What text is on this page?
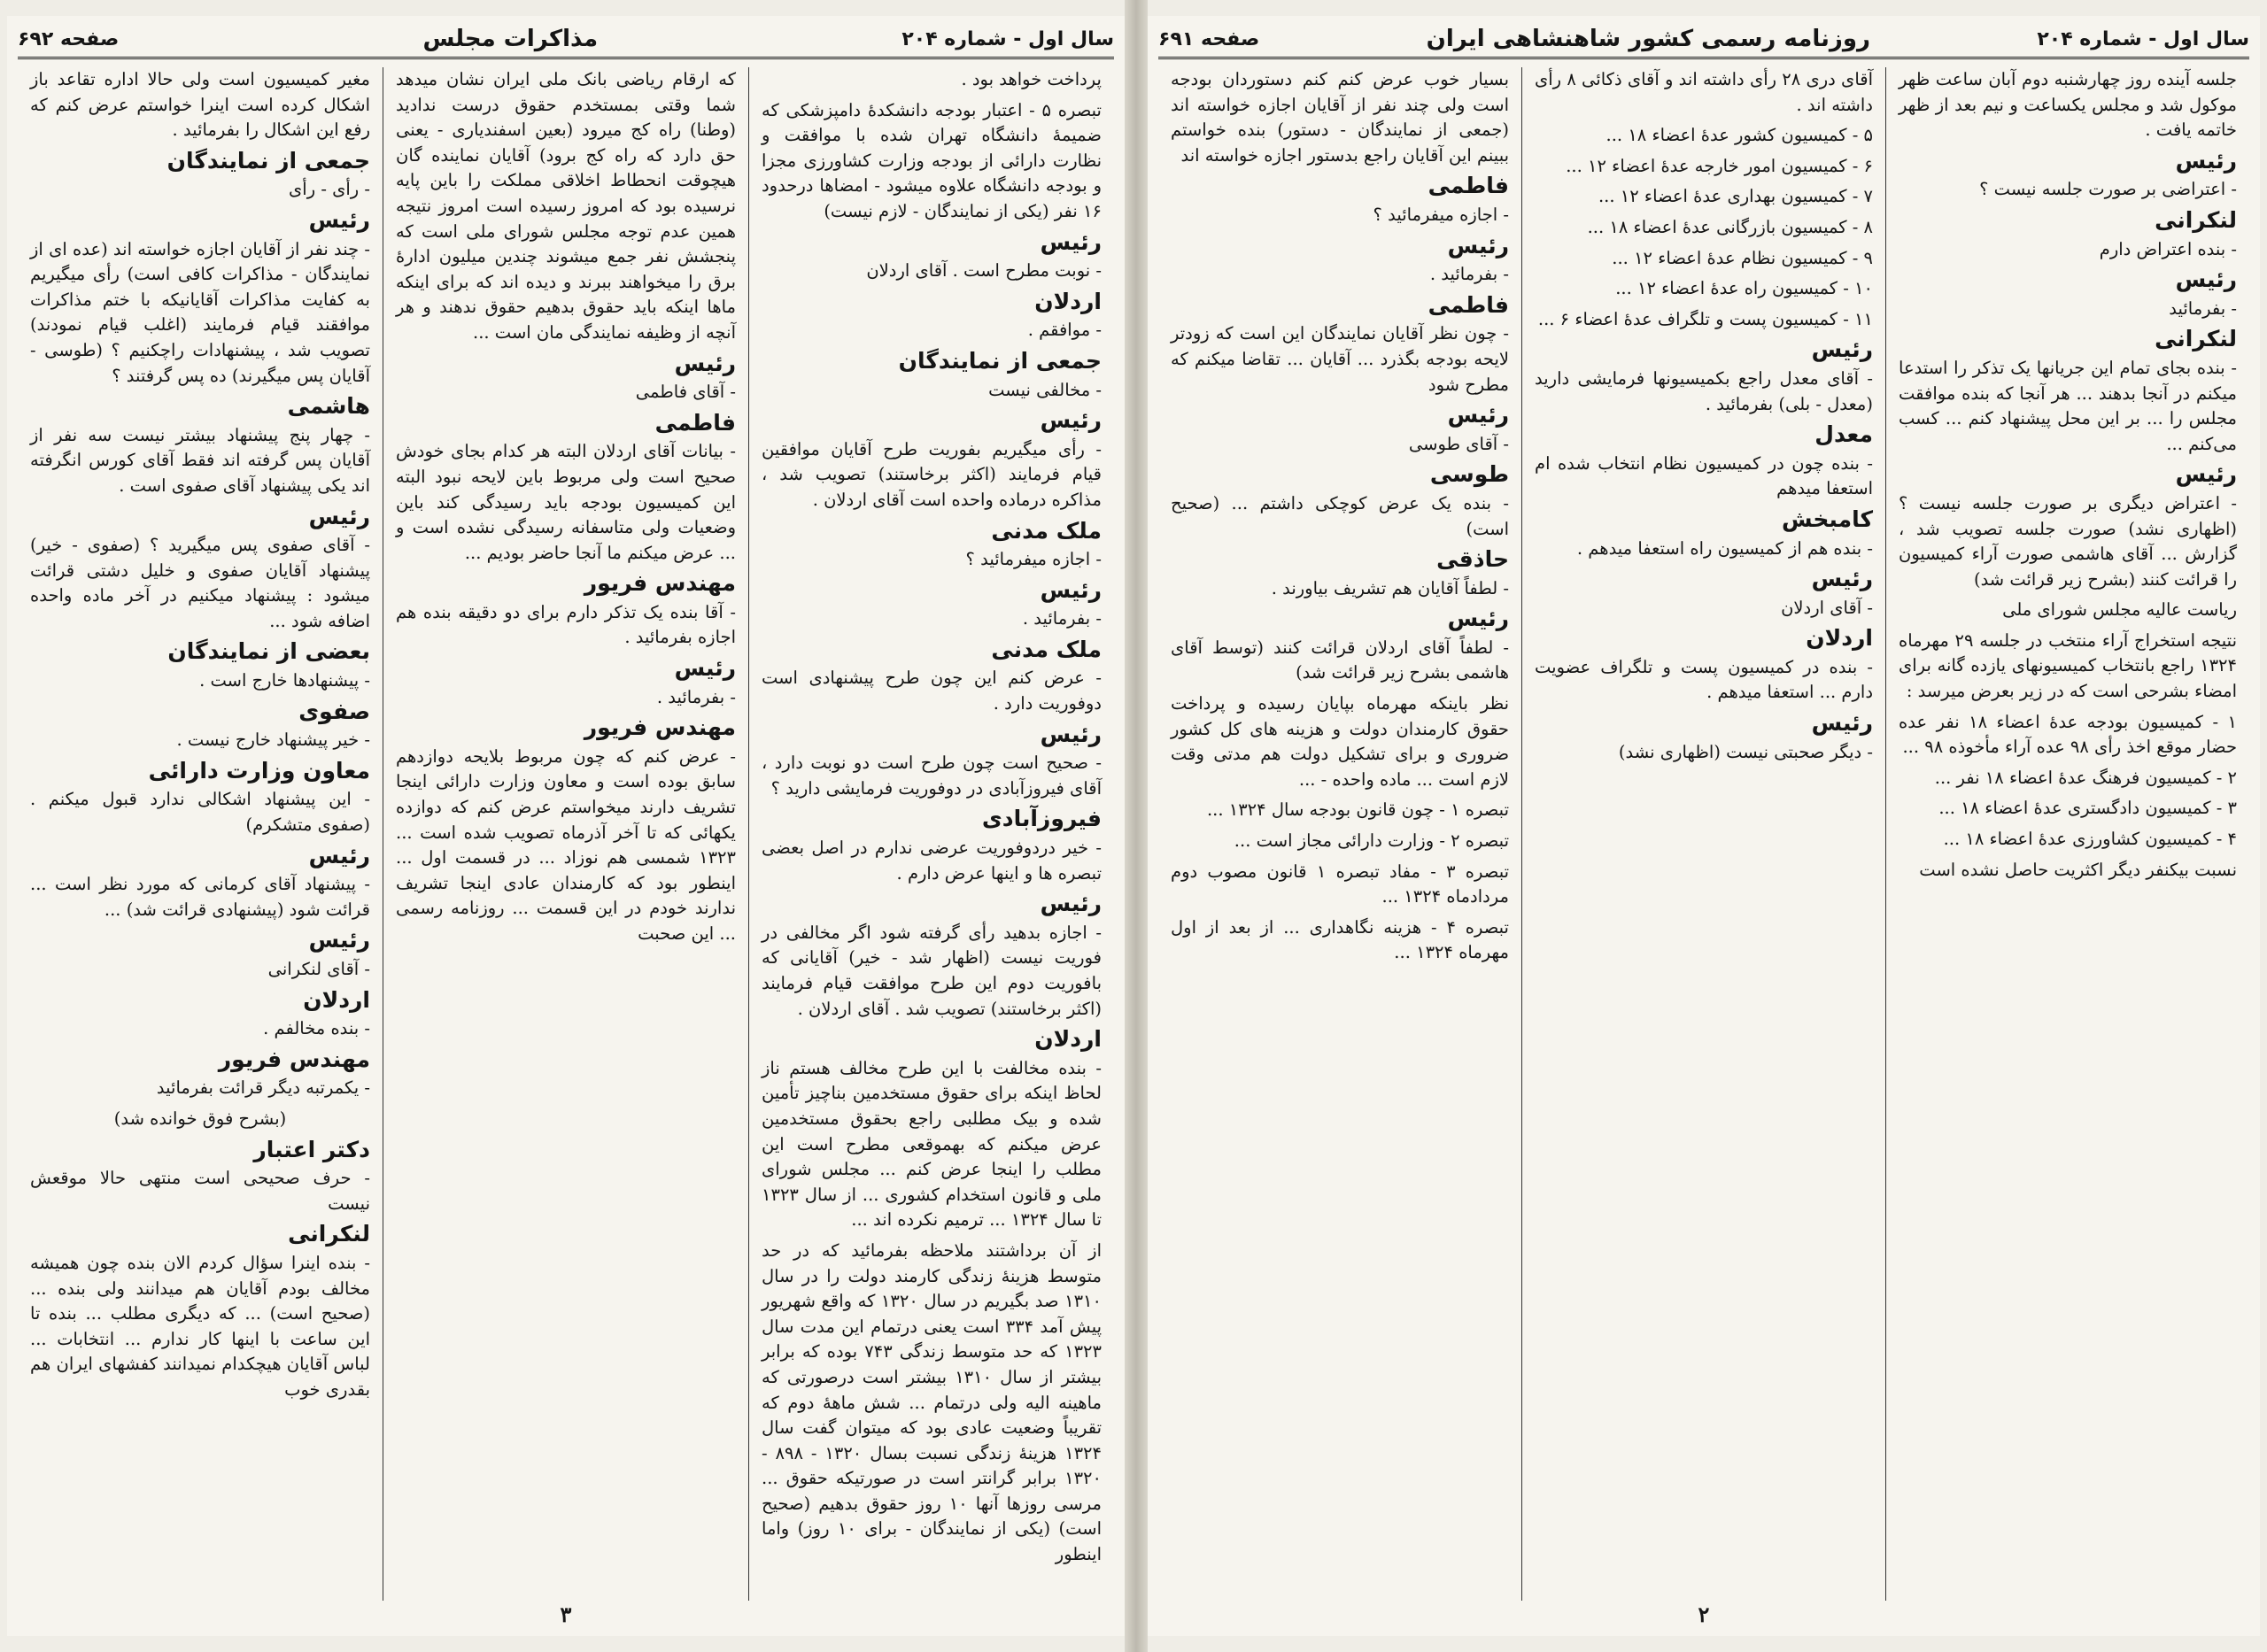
سال اول - شماره ۲۰۴
مذاکرات مجلس
صفحه ۶۹۲

پرداخت خواهد بود .

تبصره ۵ - اعتبار بودجه دانشکدۀ دامپزشکی که ضمیمۀ دانشگاه تهران شده با موافقت و نظارت دارائی از بودجه وزارت کشاورزی مجزا و بودجه دانشگاه علاوه میشود - امضاها درحدود ۱۶ نفر (یکی از نمایندگان - لازم نیست)

رئیس

- نوبت مطرح است . آقای اردلان

اردلان

- موافقم .

جمعی از نمایندگان

- مخالفی نیست

رئیس

- رأی میگیریم بفوریت طرح آقایان موافقین قیام فرمایند (اکثر برخاستند) تصویب شد ، مذاکره درماده واحده است آقای اردلان .

ملک مدنی

- اجازه میفرمائید ؟

رئیس

- بفرمائید .

ملک مدنی

- عرض کنم این چون طرح پیشنهادی است دوفوریت دارد .

رئیس

- صحیح است چون طرح است دو نوبت دارد ، آقای فیروزآبادی در دوفوریت فرمایشی دارید ؟

فیروزآبادی

- خیر دردوفوریت عرضی ندارم در اصل بعضی تبصره ها و اینها عرض دارم .

رئیس

- اجازه بدهید رأی گرفته شود اگر مخالفی در فوریت نیست (اظهار شد - خیر) آقایانی که بافوریت دوم این طرح موافقت قیام فرمایند (اکثر برخاستند) تصویب شد . آقای اردلان .

اردلان

- بنده مخالفت با این طرح مخالف هستم ناز لحاظ اینکه برای حقوق مستخدمین بناچیز تأمین شده و بیک مطلبی راجع بحقوق مستخدمین عرض میکنم که بهموقعی مطرح است این مطلب را اینجا عرض کنم ... مجلس شورای ملی و قانون استخدام کشوری ... از سال ۱۳۲۳ تا سال ۱۳۲۴ ... ترمیم نکرده اند ...

از آن برداشتند ملاحظه بفرمائید که در حد متوسط هزینۀ زندگی کارمند دولت را در سال ۱۳۱۰ صد بگیریم در سال ۱۳۲۰ که واقع شهریور پیش آمد ۳۳۴ است یعنی درتمام این مدت سال ۱۳۲۳ که حد متوسط زندگی ۷۴۳ بوده که برابر بیشتر از سال ۱۳۱۰ بیشتر است درصورتی که ماهینه الیه ولی درتمام ... شش ماهۀ دوم که تقریباً وضعیت عادی بود که میتوان گفت سال ۱۳۲۴ هزینۀ زندگی نسبت بسال ۱۳۲۰ - ۸۹۸ - ۱۳۲۰ برابر گرانتر است در صورتیکه حقوق ... مرسی روزها آنها ۱۰ روز حقوق بدهیم (صحیح است) (یکی از نمایندگان - برای ۱۰ روز) واما اینطور

که ارقام ریاضی بانک ملی ایران نشان میدهد شما وقتی بمستخدم حقوق درست ندادید (وطنا) راه کج میرود (بعین اسفندیاری - یعنی حق دارد که راه کج برود) آقایان نماینده گان هیچوقت انحطاط اخلاقی مملکت را باین پایه نرسیده بود که امروز رسیده است امروز نتیجه همین عدم توجه مجلس شورای ملی است که پنجشش نفر جمع میشوند چندین میلیون ادارۀ برق را میخواهند ببرند و دیده اند که برای اینکه ماها اینکه باید حقوق بدهیم حقوق ندهند و هر آنچه از وظیفه نمایندگی مان است ...

رئیس

- آقای فاطمی

فاطمی

- بیانات آقای اردلان البته هر کدام بجای خودش صحیح است ولی مربوط باین لایحه نبود البته این کمیسیون بودجه باید رسیدگی کند باین وضعیات ولی متاسفانه رسیدگی نشده است و ... عرض میکنم ما آنجا حاضر بودیم ...

مهندس فریور

- آقا بنده یک تذکر دارم برای دو دقیقه بنده هم اجازه بفرمائید .

رئیس

- بفرمائید .

مهندس فریور

- عرض کنم که چون مربوط بلایحه دوازدهم سابق بوده است و معاون وزارت دارائی اینجا تشریف دارند میخواستم عرض کنم که دوازده یکهائی که تا آخر آذرماه تصویب شده است ... ۱۳۲۳ شمسی هم نوزاد ... در قسمت اول ... اینطور بود که کارمندان عادی اینجا تشریف ندارند خودم در این قسمت ... روزنامه رسمی ... این صحبت

مغیر کمیسیون است ولی حالا اداره تقاعد باز اشکال کرده است اینرا خواستم عرض کنم که رفع این اشکال را بفرمائید .

جمعی از نمایندگان

- رأی - رأی

رئیس

- چند نفر از آقایان اجازه خواسته اند (عده ای از نمایندگان - مذاکرات کافی است) رأی میگیریم به کفایت مذاکرات آقایانیکه با ختم مذاکرات موافقند قیام فرمایند (اغلب قیام نمودند) تصویب شد ، پیشنهادات راچکنیم ؟ (طوسی - آقایان پس میگیرند) ده پس گرفتند ؟

هاشمی

- چهار پنج پیشنهاد بیشتر نیست سه نفر از آقایان پس گرفته اند فقط آقای کورس انگرفته اند یکی پیشنهاد آقای صفوی است .

رئیس

- آقای صفوی پس میگیرید ؟ (صفوی - خیر) پیشنهاد آقایان صفوی و خلیل دشتی قرائت میشود : پیشنهاد میکنیم در آخر ماده واحده اضافه شود ...

بعضی از نمایندگان

- پیشنهادها خارج است .

صفوی

- خیر پیشنهاد خارج نیست .

معاون وزارت دارائی

- این پیشنهاد اشکالی ندارد قبول میکنم . (صفوی متشکرم)

رئیس

- پیشنهاد آقای کرمانی که مورد نظر است ... قرائت شود (پیشنهادی قرائت شد) ...

رئیس

- آقای لنکرانی

اردلان

- بنده مخالفم .

مهندس فریور

- یکمرتبه دیگر قرائت بفرمائید

(بشرح فوق خوانده شد)

دکتر اعتبار

- حرف صحیحی است منتهی حالا موقعش نیست

لنکرانی

- بنده اینرا سؤال کردم الان بنده چون همیشه مخالف بودم آقایان هم میدانند ولی بنده ... (صحیح است) ... که دیگری مطلب ... بنده تا این ساعت با اینها کار ندارم ... انتخابات ... لباس آقایان هیچکدام نمیدانند کفشهای ایران هم بقدری خوب

۳
سال اول - شماره ۲۰۴
روزنامه رسمی کشور شاهنشاهی ایران
صفحه ۶۹۱

جلسه آینده روز چهارشنبه دوم آبان ساعت ظهر موکول شد و مجلس یکساعت و نیم بعد از ظهر خاتمه یافت .

رئیس

- اعتراضی بر صورت جلسه نیست ؟

لنکرانی

- بنده اعتراض دارم

رئیس

- بفرمائید

لنکرانی

- بنده بجای تمام این جریانها یک تذکر را استدعا میکنم در آنجا بدهند ... هر آنجا که بنده موافقت مجلس را ... بر این محل پیشنهاد کنم ... کسب می‌کنم ...

رئیس

- اعتراض دیگری بر صورت جلسه نیست ؟ (اظهاری نشد) صورت جلسه تصویب شد ، گزارش ... آقای هاشمی صورت آراء کمیسیون را قرائت کنند (بشرح زیر قرائت شد)

ریاست عالیه مجلس شورای ملی

نتیجه استخراج آراء منتخب در جلسه ۲۹ مهرماه ۱۳۲۴ راجع بانتخاب کمیسیونهای یازده گانه برای امضاء بشرحی است که در زیر بعرض میرسد :

۱ - کمیسیون بودجه عدۀ اعضاء ۱۸ نفر عده حضار موقع اخذ رأی ۹۸ عده آراء مأخوذه ۹۸ ...

۲ - کمیسیون فرهنگ عدۀ اعضاء ۱۸ نفر ...

۳ - کمیسیون دادگستری عدۀ اعضاء ۱۸ ...

۴ - کمیسیون کشاورزی عدۀ اعضاء ۱۸ ...

نسبت بیکنفر دیگر اکثریت حاصل نشده است

آقای دری ۲۸ رأی داشته اند و آقای ذکائی ۸ رأی داشته اند .

۵ - کمیسیون کشور عدۀ اعضاء ۱۸ ...

۶ - کمیسیون امور خارجه عدۀ اعضاء ۱۲ ...

۷ - کمیسیون بهداری عدۀ اعضاء ۱۲ ...

۸ - کمیسیون بازرگانی عدۀ اعضاء ۱۸ ...

۹ - کمیسیون نظام عدۀ اعضاء ۱۲ ...

۱۰ - کمیسیون راه عدۀ اعضاء ۱۲ ...

۱۱ - کمیسیون پست و تلگراف عدۀ اعضاء ۶ ...

رئیس

- آقای معدل راجع بکمیسیونها فرمایشی دارید (معدل - بلی) بفرمائید .

معدل

- بنده چون در کمیسیون نظام انتخاب شده ام استعفا میدهم

کامبخش

- بنده هم از کمیسیون راه استعفا میدهم .

رئیس

- آقای اردلان

اردلان

- بنده در کمیسیون پست و تلگراف عضویت دارم ... استعفا میدهم .

رئیس

- دیگر صحبتی نیست (اظهاری نشد)

بسیار خوب عرض کنم کنم دستوردان بودجه است ولی چند نفر از آقایان اجازه خواسته اند (جمعی از نمایندگان - دستور) بنده خواستم ببینم این آقایان راجع بدستور اجازه خواسته اند

فاطمی

- اجازه میفرمائید ؟

رئیس

- بفرمائید .

فاطمی

- چون نظر آقایان نمایندگان این است که زودتر لایحه بودجه بگذرد ... آقایان ... تقاضا میکنم که مطرح شود

رئیس

- آقای طوسی

طوسی

- بنده یک عرض کوچکی داشتم ... (صحیح است)

حاذقی

- لطفاً آقایان هم تشریف بیاورند .

رئیس

- لطفاً آقای اردلان قرائت کنند (توسط آقای هاشمی بشرح زیر قرائت شد)

نظر باینکه مهرماه بپایان رسیده و پرداخت حقوق کارمندان دولت و هزینه های کل کشور ضروری و برای تشکیل دولت هم مدتی وقت لازم است ... ماده واحده - ...

تبصره ۱ - چون قانون بودجه سال ۱۳۲۴ ...

تبصره ۲ - وزارت دارائی مجاز است ...

تبصره ۳ - مفاد تبصره ۱ قانون مصوب دوم مردادماه ۱۳۲۴ ...

تبصره ۴ - هزینه نگاهداری ... از بعد از اول مهرماه ۱۳۲۴ ...

۲
